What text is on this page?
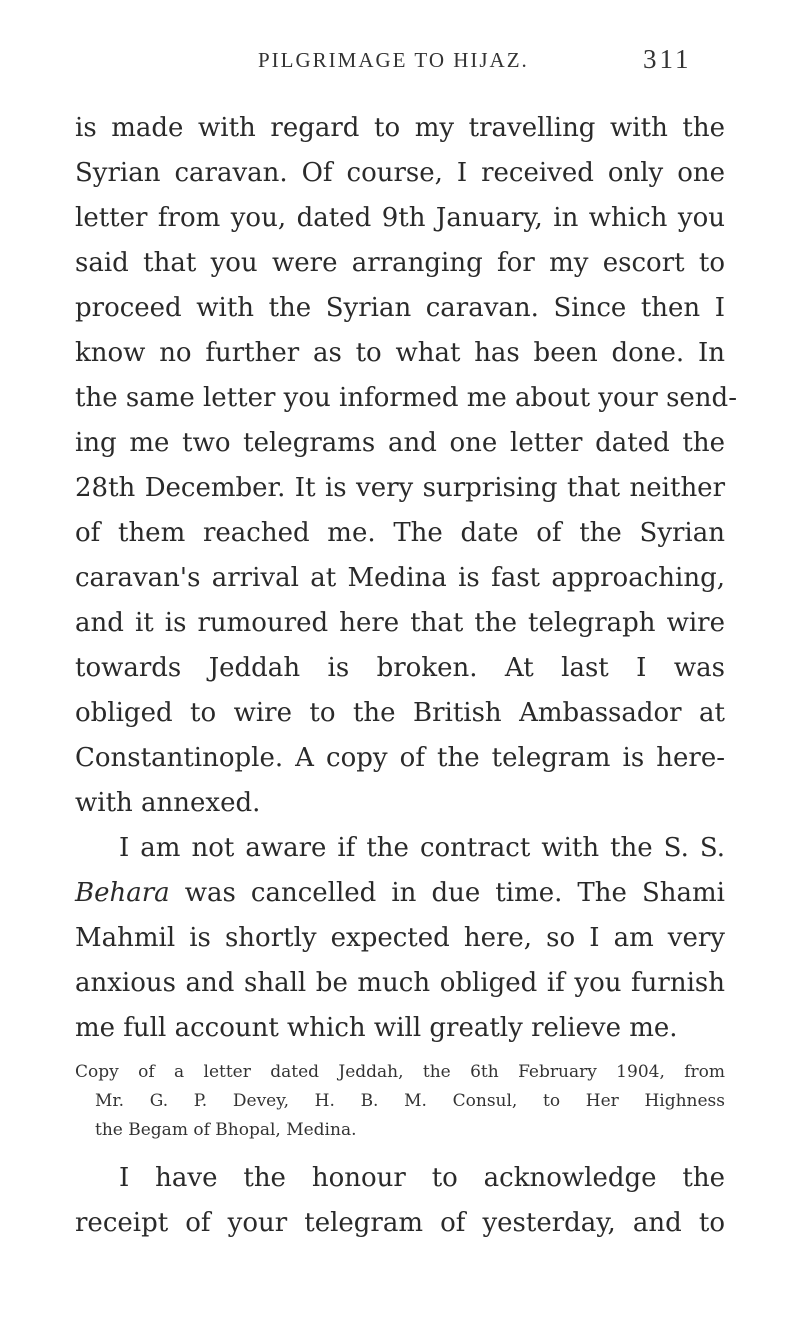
PILGRIMAGE TO HIJAZ.	311
is made with regard to my travelling with the
Syrian caravan. Of course, I received only one
letter from you, dated 9th January, in which you
said that you were arranging for my escort to
proceed with the Syrian caravan. Since then I
know no further as to what has been done. In
the same letter you informed me about your send-
ing me two telegrams and one letter dated the
28th December. It is very surprising that neither
of them reached me. The date of the Syrian
caravan's arrival at Medina is fast approaching,
and it is rumoured here that the telegraph wire
towards Jeddah is broken. At last I was
obliged to wire to the British Ambassador at
Constantinople. A copy of the telegram is here-
with annexed.
I am not aware if the contract with the S. S.
Behara was cancelled in due time. The Shami
Mahmil is shortly expected here, so I am very
anxious and shall be much obliged if you furnish
me full account which will greatly relieve me.
Copy of a letter dated Jeddah, the 6th February 1904, from
Mr. G. P. Devey, H. B. M. Consul, to Her Highness
the Begam of Bhopal, Medina.
I have the honour to acknowledge the
receipt of your telegram of yesterday, and to
